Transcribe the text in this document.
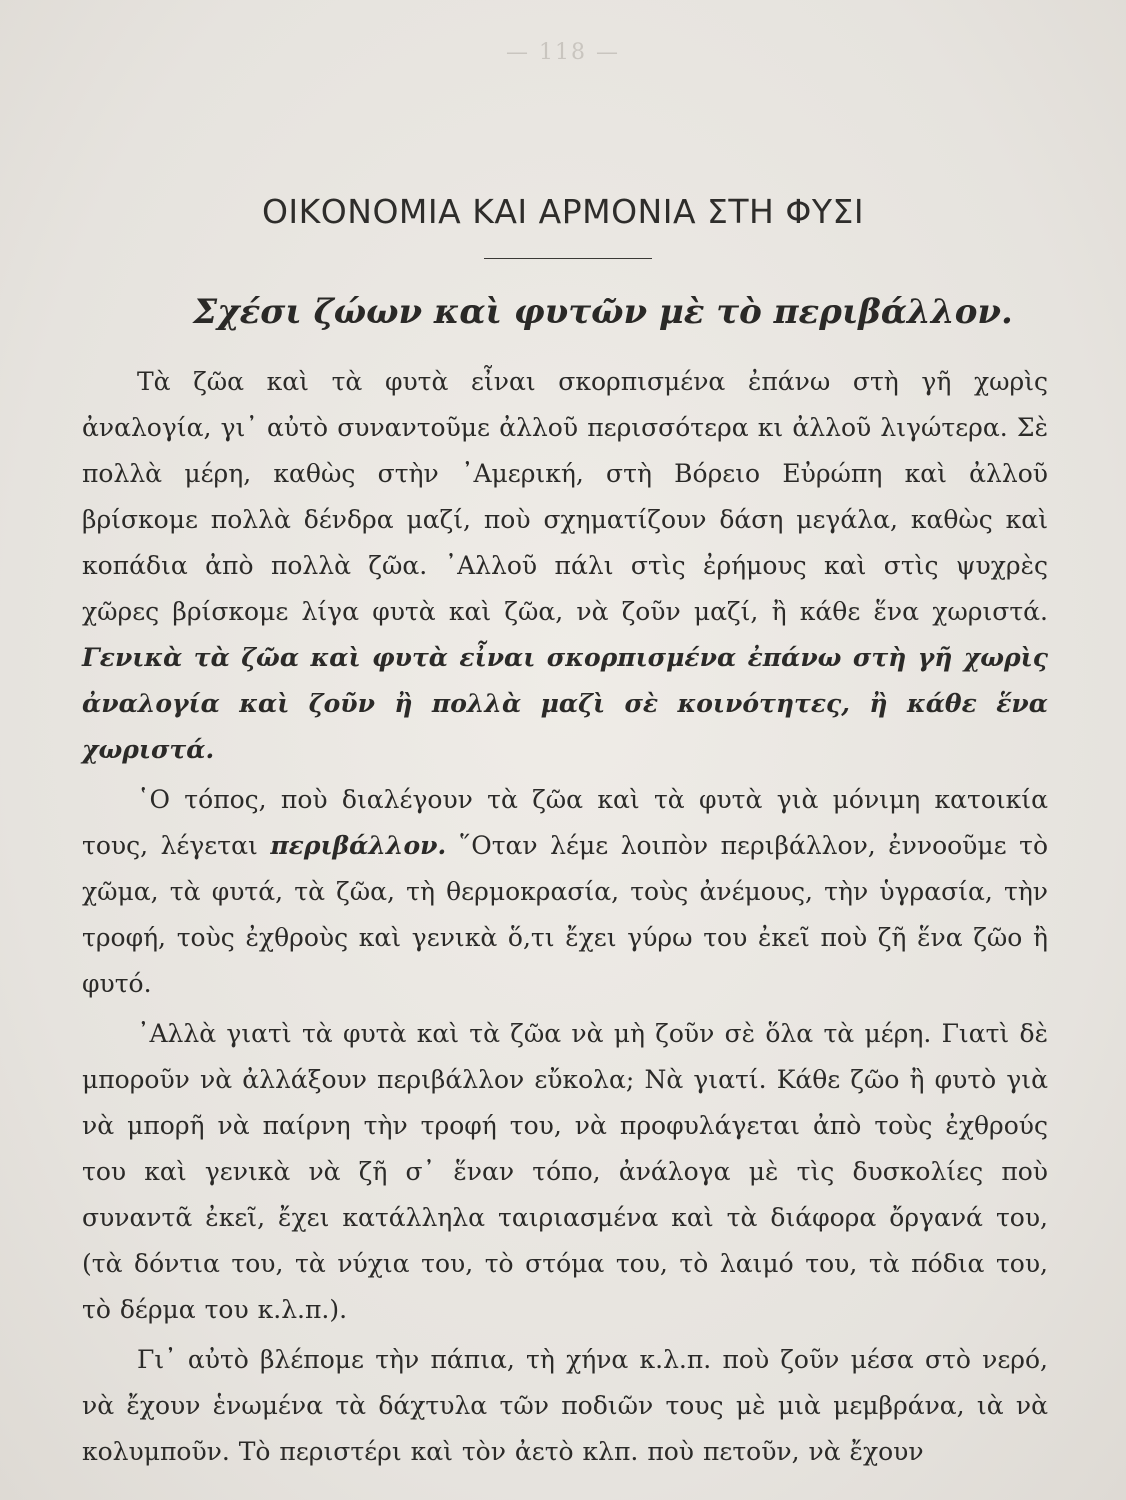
— 118 —
ΟΙΚΟΝΟΜΙΑ ΚΑΙ ΑΡΜΟΝΙΑ ΣΤΗ ΦΥΣΙ
Σχέσι ζώων καὶ φυτῶν μὲ τὸ περιβάλλον.

Τὰ ζῶα καὶ τὰ φυτὰ εἶναι σκορπισμένα ἐπάνω στὴ γῆ χωρὶς ἀναλογία, γι᾿ αὐτὸ συναντοῦμε ἀλλοῦ περισσότερα κι ἀλλοῦ λιγώτερα. Σὲ πολλὰ μέρη, καθὼς στὴν ᾿Αμερική, στὴ Βόρειο Εὐρώπη καὶ ἀλλοῦ βρίσκομε πολλὰ δένδρα μαζί, ποὺ σχηματίζουν δάση μεγάλα, καθὼς καὶ κοπάδια ἀπὸ πολλὰ ζῶα. ᾿Αλλοῦ πάλι στὶς ἐρήμους καὶ στὶς ψυχρὲς χῶρες βρίσκομε λίγα φυτὰ καὶ ζῶα, νὰ ζοῦν μαζί, ἢ κάθε ἕνα χωριστά. Γενικὰ τὰ ζῶα καὶ φυτὰ εἶναι σκορπισμένα ἐπάνω στὴ γῆ χωρὶς ἀναλογία καὶ ζοῦν ἢ πολλὰ μαζὶ σὲ κοινότητες, ἢ κάθε ἕνα χωριστά.

῾Ο τόπος, ποὺ διαλέγουν τὰ ζῶα καὶ τὰ φυτὰ γιὰ μόνιμη κατοικία τους, λέγεται περιβάλλον. ῞Οταν λέμε λοιπὸν περιβάλλον, ἐννοοῦμε τὸ χῶμα, τὰ φυτά, τὰ ζῶα, τὴ θερμοκρασία, τοὺς ἀνέμους, τὴν ὑγρασία, τὴν τροφή, τοὺς ἐχθροὺς καὶ γενικὰ ὅ,τι ἔχει γύρω του ἐκεῖ ποὺ ζῆ ἕνα ζῶο ἢ φυτό.

᾿Αλλὰ γιατὶ τὰ φυτὰ καὶ τὰ ζῶα νὰ μὴ ζοῦν σὲ ὅλα τὰ μέρη. Γιατὶ δὲ μποροῦν νὰ ἀλλάξουν περιβάλλον εὔκολα; Νὰ γιατί. Κάθε ζῶο ἢ φυτὸ γιὰ νὰ μπορῆ νὰ παίρνη τὴν τροφή του, νὰ προφυλάγεται ἀπὸ τοὺς ἐχθρούς του καὶ γενικὰ νὰ ζῆ σ᾿ ἕναν τόπο, ἀνάλογα μὲ τὶς δυσκολίες ποὺ συναντᾶ ἐκεῖ, ἔχει κατάλληλα ταιριασμένα καὶ τὰ διάφορα ὄργανά του, (τὰ δόντια του, τὰ νύχια του, τὸ στόμα του, τὸ λαιμό του, τὰ πόδια του, τὸ δέρμα του κ.λ.π.).

Γι᾿ αὐτὸ βλέπομε τὴν πάπια, τὴ χήνα κ.λ.π. ποὺ ζοῦν μέσα στὸ νερό, νὰ ἔχουν ἑνωμένα τὰ δάχτυλα τῶν ποδιῶν τους μὲ μιὰ μεμβράνα, ιὰ νὰ κολυμποῦν. Τὸ περιστέρι καὶ τὸν ἀετὸ κλπ. ποὺ πετοῦν, νὰ ἔχουν
